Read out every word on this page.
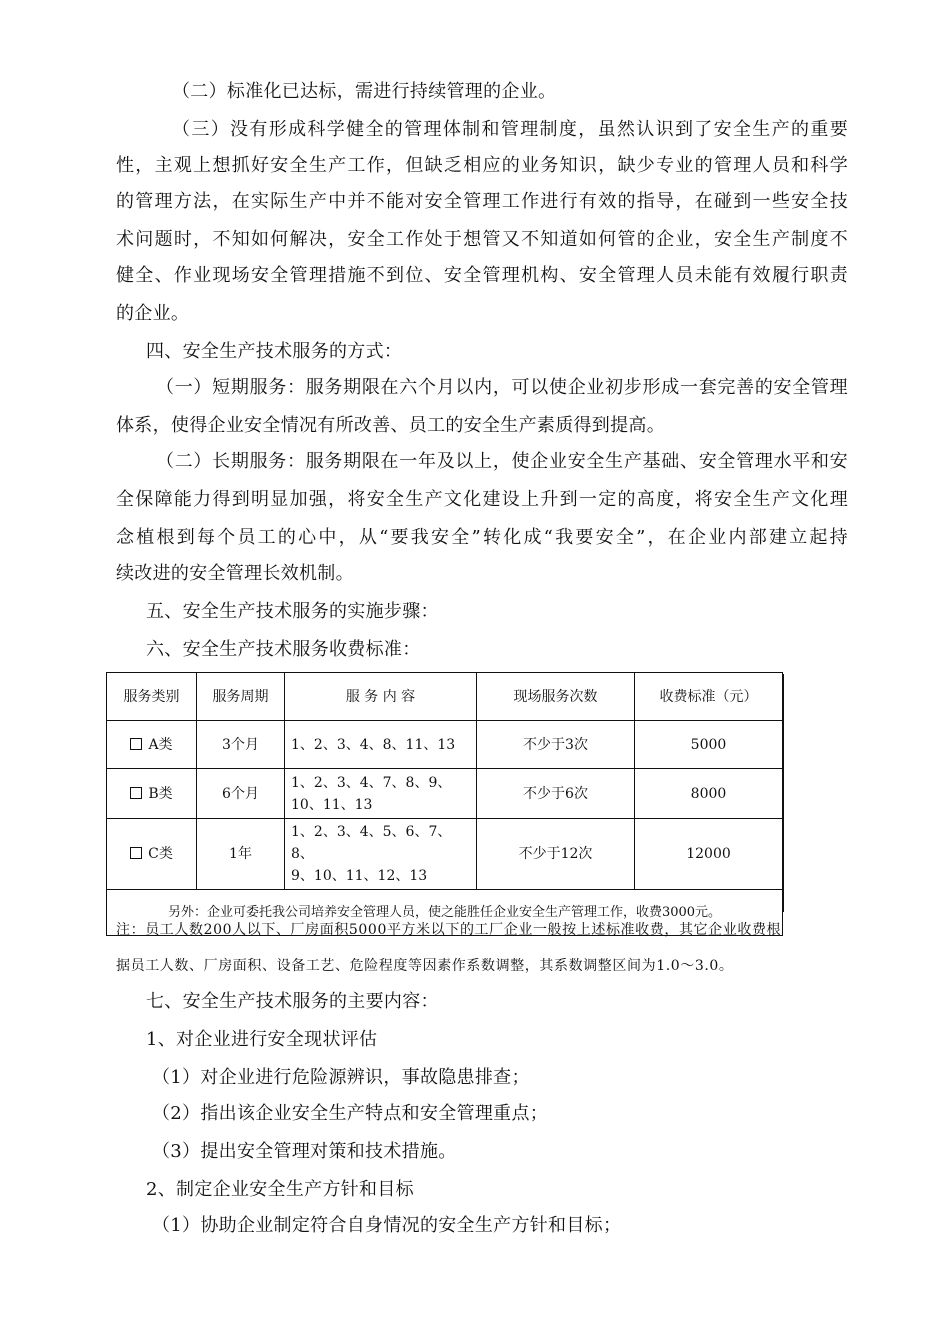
（二）标准化已达标，需进行持续管理的企业。
（三）没有形成科学健全的管理体制和管理制度，虽然认识到了安全生产的重要
性，主观上想抓好安全生产工作，但缺乏相应的业务知识，缺少专业的管理人员和科学
的管理方法，在实际生产中并不能对安全管理工作进行有效的指导，在碰到一些安全技
术问题时，不知如何解决，安全工作处于想管又不知道如何管的企业，安全生产制度不
健全、作业现场安全管理措施不到位、安全管理机构、安全管理人员未能有效履行职责
的企业。
四、安全生产技术服务的方式：
（一）短期服务：服务期限在六个月以内，可以使企业初步形成一套完善的安全管理
体系，使得企业安全情况有所改善、员工的安全生产素质得到提高。
（二）长期服务：服务期限在一年及以上，使企业安全生产基础、安全管理水平和安
全保障能力得到明显加强，将安全生产文化建设上升到一定的高度，将安全生产文化理
念植根到每个员工的心中，从“要我安全”转化成“我要安全”，在企业内部建立起持
续改进的安全管理长效机制。
五、安全生产技术服务的实施步骤：
六、安全生产技术服务收费标准：
服务类别	服务周期	服 务 内 容	现场服务次数	收费标准（元）
A类	3个月	1、2、3、4、8、11、13	不少于3次	5000
B类	6个月	1、2、3、4、7、8、9、
10、11、13	不少于6次	8000
C类	1年	1、2、3、4、5、6、7、8、
9、10、11、12、13	不少于12次	12000
另外：企业可委托我公司培养安全管理人员，使之能胜任企业安全生产管理工作，收费3000元。				
注：员工人数200人以下、厂房面积5000平方米以下的工厂企业一般按上述标准收费，其它企业收费根
据员工人数、厂房面积、设备工艺、危险程度等因素作系数调整，其系数调整区间为1.0～3.0。
七、安全生产技术服务的主要内容：
1、对企业进行安全现状评估
（1）对企业进行危险源辨识，事故隐患排查；
（2）指出该企业安全生产特点和安全管理重点；
（3）提出安全管理对策和技术措施。
2、制定企业安全生产方针和目标
（1）协助企业制定符合自身情况的安全生产方针和目标；
